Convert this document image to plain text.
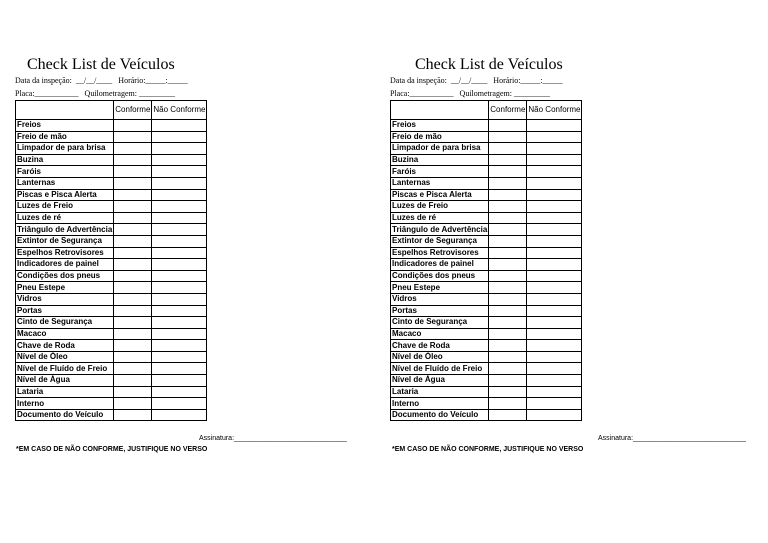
Check List de Veículos
Data da inspeção:  __/__/____   Horário:_____:_____
Placa:___________   Quilometragem: _________
	Conforme	Não Conforme
Freios		
Freio de mão		
Limpador de para brisa		
Buzina		
Faróis		
Lanternas		
Piscas e Pisca Alerta		
Luzes de Freio		
Luzes de ré		
Triângulo de Advertência		
Extintor de Segurança		
Espelhos Retrovisores		
Indicadores de painel		
Condições dos pneus		
Pneu Estepe		
Vidros		
Portas		
Cinto de Segurança		
Macaco		
Chave de Roda		
Nível de Óleo		
Nível de Fluído de Freio		
Nível de Água		
Lataria		
Interno		
Documento do Veículo		
Assinatura:_____________________________
*EM CASO DE NÃO CONFORME, JUSTIFIQUE NO VERSO
Check List de Veículos
Data da inspeção:  __/__/____   Horário:_____:_____
Placa:___________   Quilometragem: _________
	Conforme	Não Conforme
Freios		
Freio de mão		
Limpador de para brisa		
Buzina		
Faróis		
Lanternas		
Piscas e Pisca Alerta		
Luzes de Freio		
Luzes de ré		
Triângulo de Advertência		
Extintor de Segurança		
Espelhos Retrovisores		
Indicadores de painel		
Condições dos pneus		
Pneu Estepe		
Vidros		
Portas		
Cinto de Segurança		
Macaco		
Chave de Roda		
Nível de Óleo		
Nível de Fluído de Freio		
Nível de Água		
Lataria		
Interno		
Documento do Veículo		
Assinatura:_____________________________
*EM CASO DE NÃO CONFORME, JUSTIFIQUE NO VERSO
